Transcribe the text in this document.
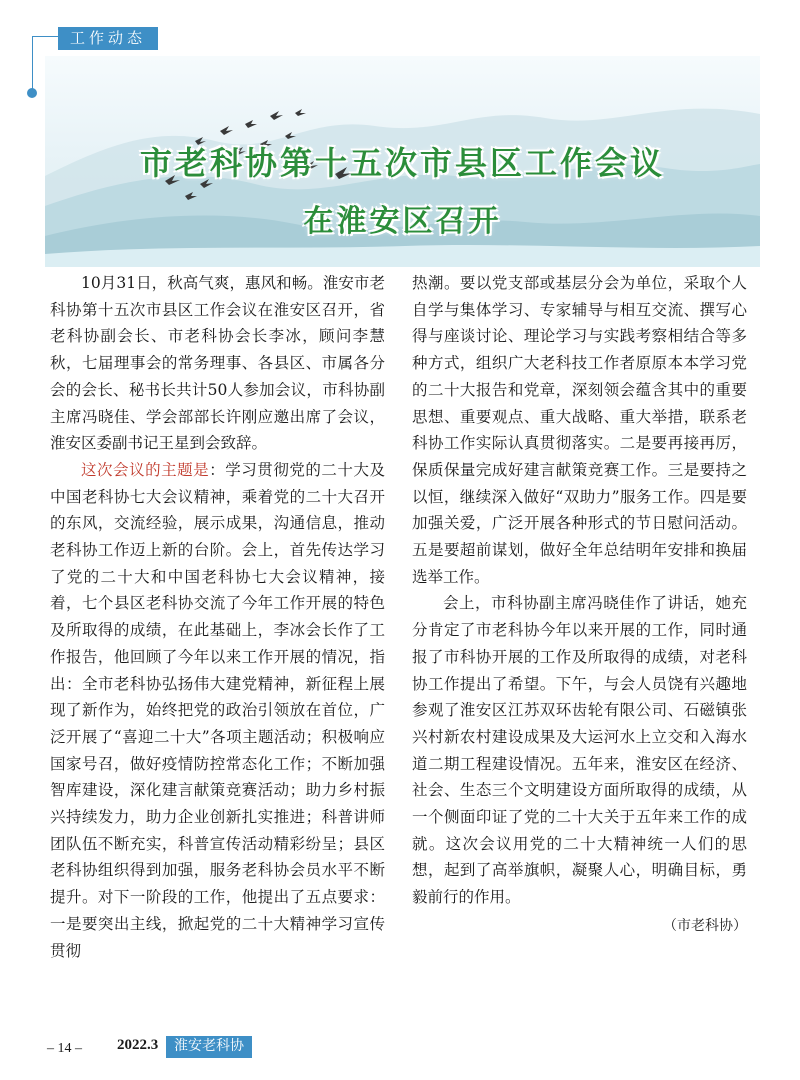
工作动态
市老科协第十五次市县区工作会议
在淮安区召开

10月31日，秋高气爽，惠风和畅。淮安市老科协第十五次市县区工作会议在淮安区召开，省老科协副会长、市老科协会长李冰，顾问李慧秋，七届理事会的常务理事、各县区、市属各分会的会长、秘书长共计50人参加会议，市科协副主席冯晓佳、学会部部长许刚应邀出席了会议，淮安区委副书记王星到会致辞。

这次会议的主题是：学习贯彻党的二十大及中国老科协七大会议精神，乘着党的二十大召开的东风，交流经验，展示成果，沟通信息，推动老科协工作迈上新的台阶。会上，首先传达学习了党的二十大和中国老科协七大会议精神，接着，七个县区老科协交流了今年工作开展的特色及所取得的成绩，在此基础上，李冰会长作了工作报告，他回顾了今年以来工作开展的情况，指出：全市老科协弘扬伟大建党精神，新征程上展现了新作为，始终把党的政治引领放在首位，广泛开展了“喜迎二十大”各项主题活动；积极响应国家号召，做好疫情防控常态化工作；不断加强智库建设，深化建言献策竞赛活动；助力乡村振兴持续发力，助力企业创新扎实推进；科普讲师团队伍不断充实，科普宣传活动精彩纷呈；县区老科协组织得到加强，服务老科协会员水平不断提升。对下一阶段的工作，他提出了五点要求：一是要突出主线，掀起党的二十大精神学习宣传贯彻

热潮。要以党支部或基层分会为单位，采取个人自学与集体学习、专家辅导与相互交流、撰写心得与座谈讨论、理论学习与实践考察相结合等多种方式，组织广大老科技工作者原原本本学习党的二十大报告和党章，深刻领会蕴含其中的重要思想、重要观点、重大战略、重大举措，联系老科协工作实际认真贯彻落实。二是要再接再厉，保质保量完成好建言献策竞赛工作。三是要持之以恒，继续深入做好“双助力”服务工作。四是要加强关爱，广泛开展各种形式的节日慰问活动。五是要超前谋划，做好全年总结明年安排和换届选举工作。

会上，市科协副主席冯晓佳作了讲话，她充分肯定了市老科协今年以来开展的工作，同时通报了市科协开展的工作及所取得的成绩，对老科协工作提出了希望。下午，与会人员饶有兴趣地参观了淮安区江苏双环齿轮有限公司、石磁镇张兴村新农村建设成果及大运河水上立交和入海水道二期工程建设情况。五年来，淮安区在经济、社会、生态三个文明建设方面所取得的成绩，从一个侧面印证了党的二十大关于五年来工作的成就。这次会议用党的二十大精神统一人们的思想，起到了高举旗帜，凝聚人心，明确目标，勇毅前行的作用。

（市老科协）
– 14 – 2022.3	淮安老科协
